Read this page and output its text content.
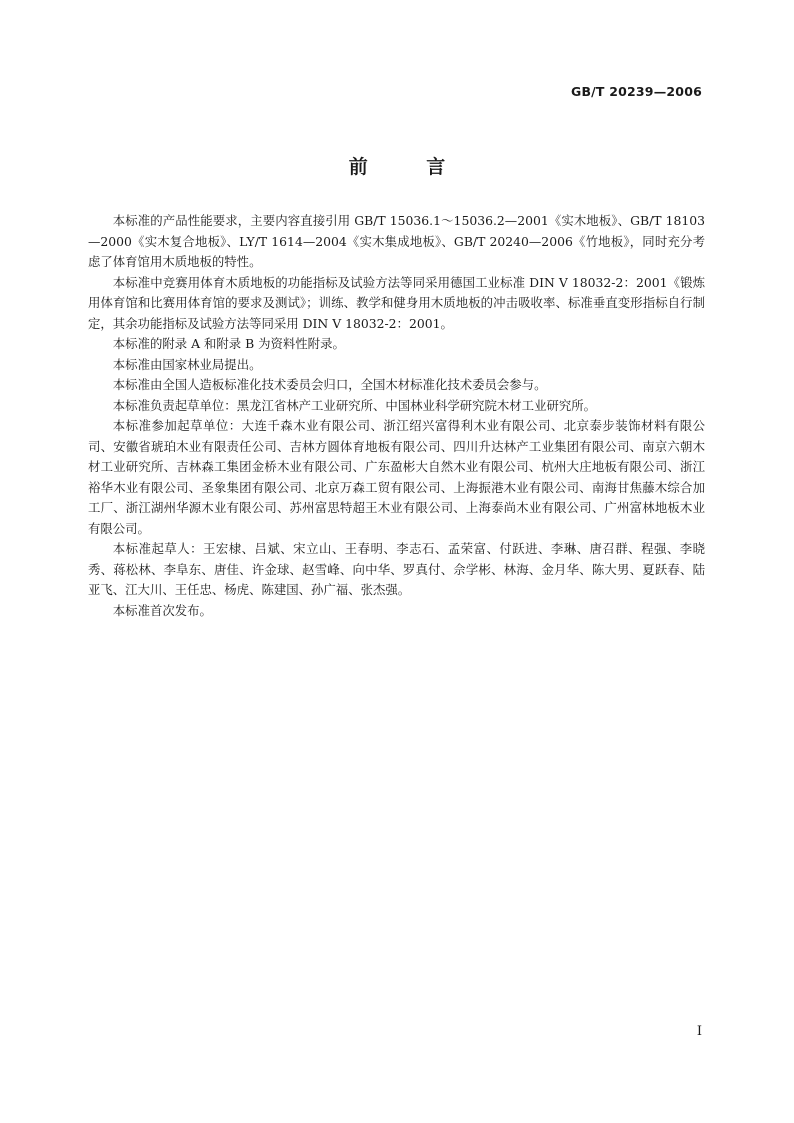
GB/T 20239—2006
前 言

本标准的产品性能要求，主要内容直接引用 GB/T 15036.1～15036.2—2001《实木地板》、GB/T 18103—2000《实木复合地板》、LY/T 1614—2004《实木集成地板》、GB/T 20240—2006《竹地板》，同时充分考虑了体育馆用木质地板的特性。

本标准中竞赛用体育木质地板的功能指标及试验方法等同采用德国工业标准 DIN V 18032-2：2001《锻炼用体育馆和比赛用体育馆的要求及测试》；训练、教学和健身用木质地板的冲击吸收率、标准垂直变形指标自行制定，其余功能指标及试验方法等同采用 DIN V 18032-2：2001。

本标准的附录 A 和附录 B 为资料性附录。

本标准由国家林业局提出。

本标准由全国人造板标准化技术委员会归口，全国木材标准化技术委员会参与。

本标准负责起草单位：黑龙江省林产工业研究所、中国林业科学研究院木材工业研究所。

本标准参加起草单位：大连千森木业有限公司、浙江绍兴富得利木业有限公司、北京泰步装饰材料有限公司、安徽省琥珀木业有限责任公司、吉林方圆体育地板有限公司、四川升达林产工业集团有限公司、南京六朝木材工业研究所、吉林森工集团金桥木业有限公司、广东盈彬大自然木业有限公司、杭州大庄地板有限公司、浙江裕华木业有限公司、圣象集团有限公司、北京万森工贸有限公司、上海振港木业有限公司、南海甘焦藤木综合加工厂、浙江湖州华源木业有限公司、苏州富思特超王木业有限公司、上海泰尚木业有限公司、广州富林地板木业有限公司。

本标准起草人：王宏棣、吕斌、宋立山、王春明、李志石、孟荣富、付跃进、李琳、唐召群、程强、李晓秀、蒋松林、李阜东、唐佳、许金球、赵雪峰、向中华、罗真付、佘学彬、林海、金月华、陈大男、夏跃春、陆亚飞、江大川、王任忠、杨虎、陈建国、孙广福、张杰强。

本标准首次发布。

I
